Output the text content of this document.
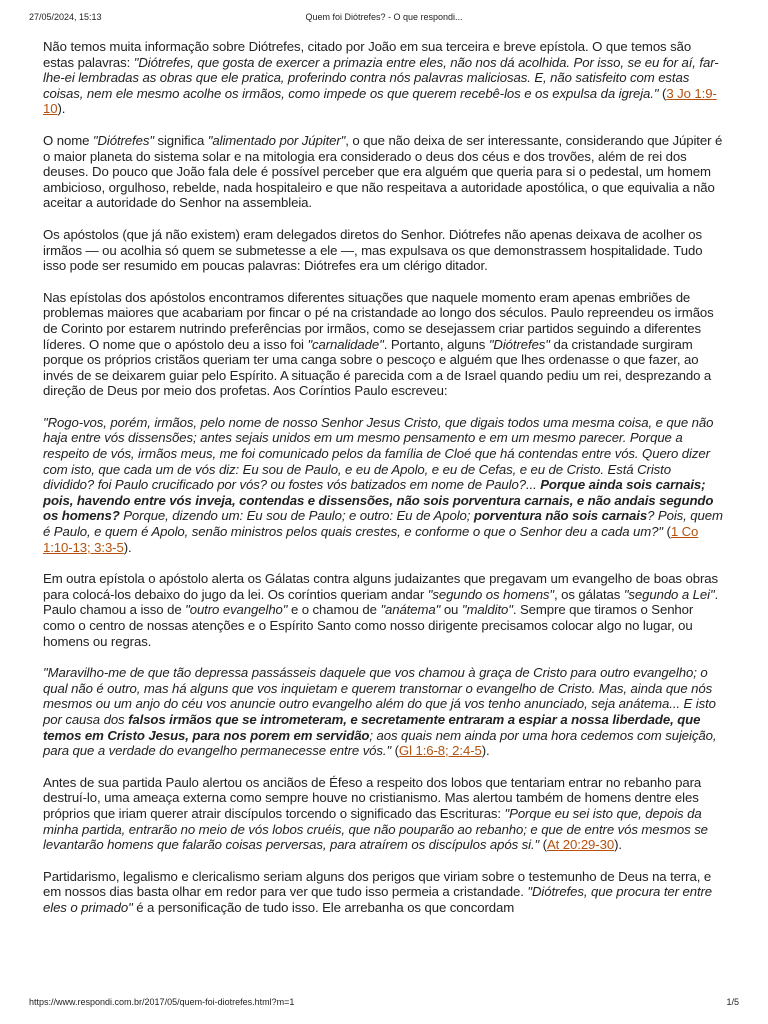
27/05/2024, 15:13	Quem foi Diótrefes? - O que respondi...

Não temos muita informação sobre Diótrefes, citado por João em sua terceira e breve epístola. O que temos são estas palavras: "Diótrefes, que gosta de exercer a primazia entre eles, não nos dá acolhida. Por isso, se eu for aí, far-lhe-ei lembradas as obras que ele pratica, proferindo contra nós palavras maliciosas. E, não satisfeito com estas coisas, nem ele mesmo acolhe os irmãos, como impede os que querem recebê-los e os expulsa da igreja." (3 Jo 1:9-10).

O nome "Diótrefes" significa "alimentado por Júpiter", o que não deixa de ser interessante, considerando que Júpiter é o maior planeta do sistema solar e na mitologia era considerado o deus dos céus e dos trovões, além de rei dos deuses. Do pouco que João fala dele é possível perceber que era alguém que queria para si o pedestal, um homem ambicioso, orgulhoso, rebelde, nada hospitaleiro e que não respeitava a autoridade apostólica, o que equivalia a não aceitar a autoridade do Senhor na assembleia.

Os apóstolos (que já não existem) eram delegados diretos do Senhor. Diótrefes não apenas deixava de acolher os irmãos — ou acolhia só quem se submetesse a ele —, mas expulsava os que demonstrassem hospitalidade. Tudo isso pode ser resumido em poucas palavras: Diótrefes era um clérigo ditador.

Nas epístolas dos apóstolos encontramos diferentes situações que naquele momento eram apenas embriões de problemas maiores que acabariam por fincar o pé na cristandade ao longo dos séculos. Paulo repreendeu os irmãos de Corinto por estarem nutrindo preferências por irmãos, como se desejassem criar partidos seguindo a diferentes líderes. O nome que o apóstolo deu a isso foi "carnalidade". Portanto, alguns "Diótrefes" da cristandade surgiram porque os próprios cristãos queriam ter uma canga sobre o pescoço e alguém que lhes ordenasse o que fazer, ao invés de se deixarem guiar pelo Espírito. A situação é parecida com a de Israel quando pediu um rei, desprezando a direção de Deus por meio dos profetas. Aos Coríntios Paulo escreveu:

"Rogo-vos, porém, irmãos, pelo nome de nosso Senhor Jesus Cristo, que digais todos uma mesma coisa, e que não haja entre vós dissensões; antes sejais unidos em um mesmo pensamento e em um mesmo parecer. Porque a respeito de vós, irmãos meus, me foi comunicado pelos da família de Cloé que há contendas entre vós. Quero dizer com isto, que cada um de vós diz: Eu sou de Paulo, e eu de Apolo, e eu de Cefas, e eu de Cristo. Está Cristo dividido? foi Paulo crucificado por vós? ou fostes vós batizados em nome de Paulo?... Porque ainda sois carnais; pois, havendo entre vós inveja, contendas e dissensões, não sois porventura carnais, e não andais segundo os homens? Porque, dizendo um: Eu sou de Paulo; e outro: Eu de Apolo; porventura não sois carnais? Pois, quem é Paulo, e quem é Apolo, senão ministros pelos quais crestes, e conforme o que o Senhor deu a cada um?" (1 Co 1:10-13; 3:3-5).

Em outra epístola o apóstolo alerta os Gálatas contra alguns judaizantes que pregavam um evangelho de boas obras para colocá-los debaixo do jugo da lei. Os coríntios queriam andar "segundo os homens", os gálatas "segundo a Lei". Paulo chamou a isso de "outro evangelho" e o chamou de "anátema" ou "maldito". Sempre que tiramos o Senhor como o centro de nossas atenções e o Espírito Santo como nosso dirigente precisamos colocar algo no lugar, ou homens ou regras.

"Maravilho-me de que tão depressa passásseis daquele que vos chamou à graça de Cristo para outro evangelho; o qual não é outro, mas há alguns que vos inquietam e querem transtornar o evangelho de Cristo. Mas, ainda que nós mesmos ou um anjo do céu vos anuncie outro evangelho além do que já vos tenho anunciado, seja anátema... E isto por causa dos falsos irmãos que se intrometeram, e secretamente entraram a espiar a nossa liberdade, que temos em Cristo Jesus, para nos porem em servidão; aos quais nem ainda por uma hora cedemos com sujeição, para que a verdade do evangelho permanecesse entre vós." (Gl 1:6-8; 2:4-5).

Antes de sua partida Paulo alertou os anciãos de Éfeso a respeito dos lobos que tentariam entrar no rebanho para destruí-lo, uma ameaça externa como sempre houve no cristianismo. Mas alertou também de homens dentre eles próprios que iriam querer atrair discípulos torcendo o significado das Escrituras: "Porque eu sei isto que, depois da minha partida, entrarão no meio de vós lobos cruéis, que não pouparão ao rebanho; e que de entre vós mesmos se levantarão homens que falarão coisas perversas, para atraírem os discípulos após si." (At 20:29-30).

Partidarismo, legalismo e clericalismo seriam alguns dos perigos que viriam sobre o testemunho de Deus na terra, e em nossos dias basta olhar em redor para ver que tudo isso permeia a cristandade. "Diótrefes, que procura ter entre eles o primado" é a personificação de tudo isso. Ele arrebanha os que concordam

https://www.respondi.com.br/2017/05/quem-foi-diotrefes.html?m=1	1/5
